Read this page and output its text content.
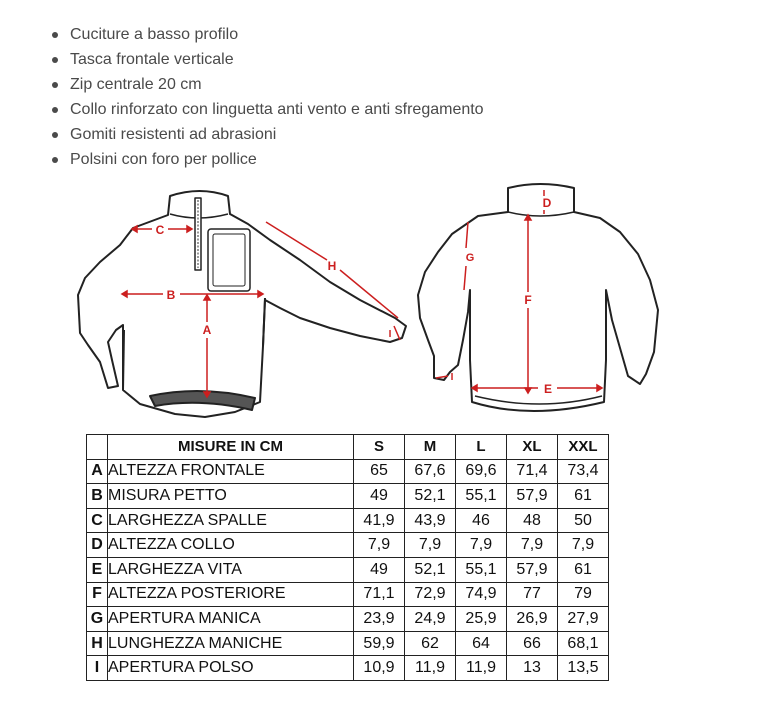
Cuciture a basso profilo
Tasca frontale verticale
Zip centrale 20 cm
Collo rinforzato con linguetta anti vento e anti sfregamento
Gomiti resistenti ad abrasioni
Polsini con foro per pollice
C
B
A
H
I
D
F
G
E
I
	MISURE IN CM	S	M	L	XL	XXL
A	ALTEZZA FRONTALE	65	67,6	69,6	71,4	73,4
B	MISURA PETTO	49	52,1	55,1	57,9	61
C	LARGHEZZA SPALLE	41,9	43,9	46	48	50
D	ALTEZZA COLLO	7,9	7,9	7,9	7,9	7,9
E	LARGHEZZA VITA	49	52,1	55,1	57,9	61
F	ALTEZZA POSTERIORE	71,1	72,9	74,9	77	79
G	APERTURA MANICA	23,9	24,9	25,9	26,9	27,9
H	LUNGHEZZA MANICHE	59,9	62	64	66	68,1
I	APERTURA POLSO	10,9	11,9	11,9	13	13,5
